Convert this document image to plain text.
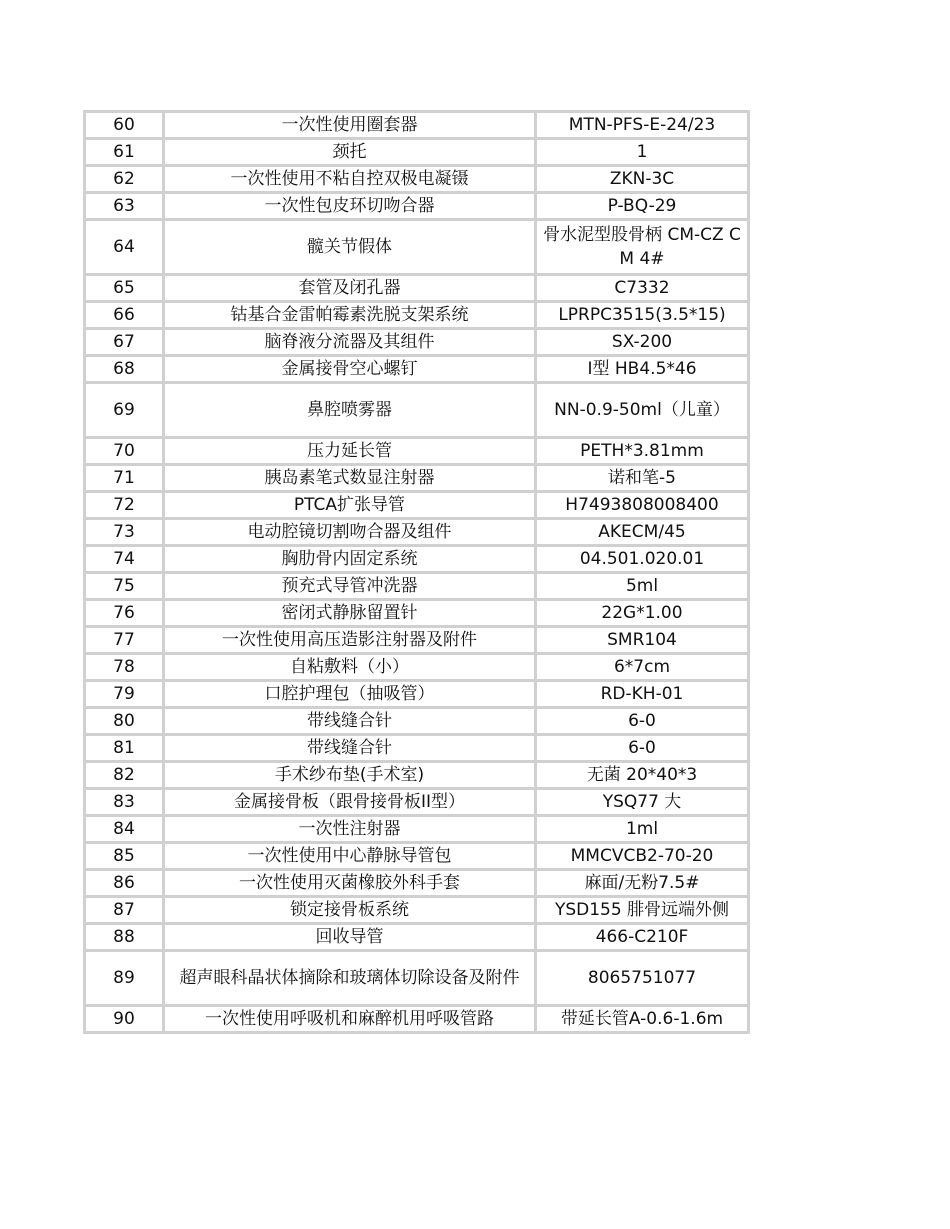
60	一次性使用圈套器	MTN-PFS-E-24/23
61	颈托	1
62	一次性使用不粘自控双极电凝镊	ZKN-3C
63	一次性包皮环切吻合器	P-BQ-29
64	髋关节假体	骨水泥型股骨柄 CM-CZ CM 4#
65	套管及闭孔器	C7332
66	钴基合金雷帕霉素洗脱支架系统	LPRPC3515(3.5*15)
67	脑脊液分流器及其组件	SX-200
68	金属接骨空心螺钉	I型 HB4.5*46
69	鼻腔喷雾器	NN-0.9-50ml（儿童）
70	压力延长管	PETH*3.81mm
71	胰岛素笔式数显注射器	诺和笔-5
72	PTCA扩张导管	H7493808008400
73	电动腔镜切割吻合器及组件	AKECM/45
74	胸肋骨内固定系统	04.501.020.01
75	预充式导管冲洗器	5ml
76	密闭式静脉留置针	22G*1.00
77	一次性使用高压造影注射器及附件	SMR104
78	自粘敷料（小）	6*7cm
79	口腔护理包（抽吸管）	RD-KH-01
80	带线缝合针	6-0
81	带线缝合针	6-0
82	手术纱布垫(手术室)	无菌 20*40*3
83	金属接骨板（跟骨接骨板II型）	YSQ77 大
84	一次性注射器	1ml
85	一次性使用中心静脉导管包	MMCVCB2-70-20
86	一次性使用灭菌橡胶外科手套	麻面/无粉7.5#
87	锁定接骨板系统	YSD155 腓骨远端外侧
88	回收导管	466-C210F
89	超声眼科晶状体摘除和玻璃体切除设备及附件	8065751077
90	一次性使用呼吸机和麻醉机用呼吸管路	带延长管A-0.6-1.6m
